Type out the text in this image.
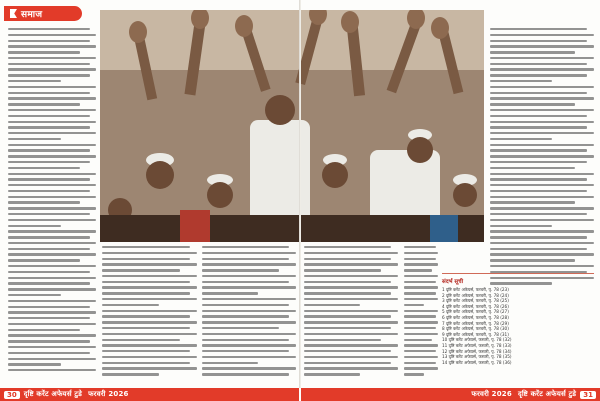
समाज
संदर्भ सूची
1 दृष्टि करेंट अफेयर्स, फरवरी, पृ. 78 (23)
2 दृष्टि करेंट अफेयर्स, फरवरी, पृ. 78 (24)
3 दृष्टि करेंट अफेयर्स, फरवरी, पृ. 78 (25)
4 दृष्टि करेंट अफेयर्स, फरवरी, पृ. 78 (26)
5 दृष्टि करेंट अफेयर्स, फरवरी, पृ. 78 (27)
6 दृष्टि करेंट अफेयर्स, फरवरी, पृ. 78 (28)
7 दृष्टि करेंट अफेयर्स, फरवरी, पृ. 78 (29)
8 दृष्टि करेंट अफेयर्स, फरवरी, पृ. 78 (30)
9 दृष्टि करेंट अफेयर्स, फरवरी, पृ. 78 (31)
10 दृष्टि करेंट अफेयर्स, फरवरी, पृ. 78 (32)
11 दृष्टि करेंट अफेयर्स, फरवरी, पृ. 78 (33)
12 दृष्टि करेंट अफेयर्स, फरवरी, पृ. 78 (34)
13 दृष्टि करेंट अफेयर्स, फरवरी, पृ. 78 (35)
14 दृष्टि करेंट अफेयर्स, फरवरी, पृ. 78 (36)
30	दृष्टि करेंट अफेयर्स टुडे फरवरी 2026	फरवरी 2026 दृष्टि करेंट अफेयर्स टुडे	31
